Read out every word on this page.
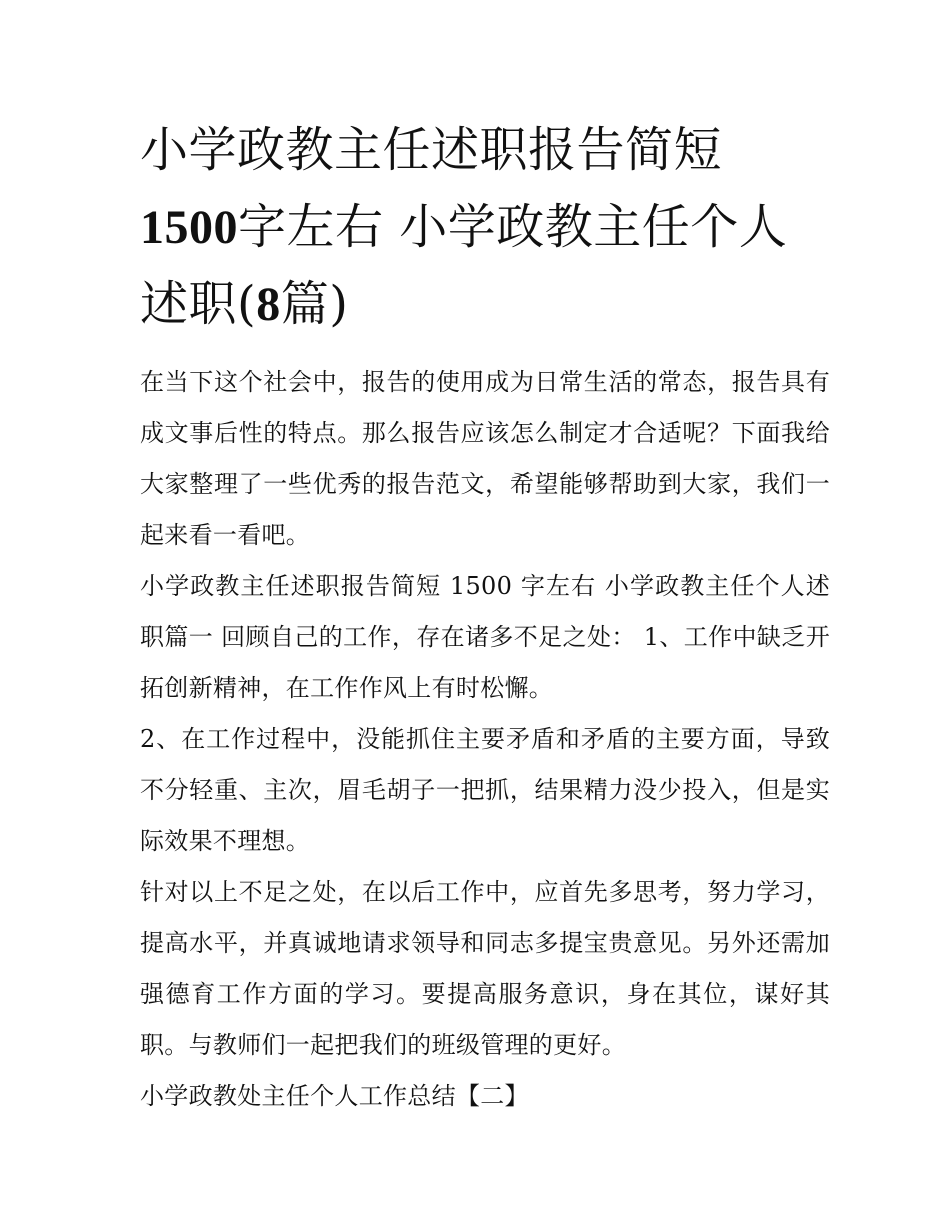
小学政教主任述职报告简短
1500字左右 小学政教主任个人述职(8篇)

在当下这个社会中，报告的使用成为日常生活的常态，报告具有成文事后性的特点。那么报告应该怎么制定才合适呢？下面我给大家整理了一些优秀的报告范文，希望能够帮助到大家，我们一起来看一看吧。

小学政教主任述职报告简短 1500 字左右 小学政教主任个人述职篇一 回顾自己的工作，存在诸多不足之处： 1、工作中缺乏开拓创新精神，在工作作风上有时松懈。

2、在工作过程中，没能抓住主要矛盾和矛盾的主要方面，导致不分轻重、主次，眉毛胡子一把抓，结果精力没少投入，但是实际效果不理想。

针对以上不足之处，在以后工作中，应首先多思考，努力学习，提高水平，并真诚地请求领导和同志多提宝贵意见。另外还需加强德育工作方面的学习。要提高服务意识，身在其位，谋好其职。与教师们一起把我们的班级管理的更好。

小学政教处主任个人工作总结【二】
